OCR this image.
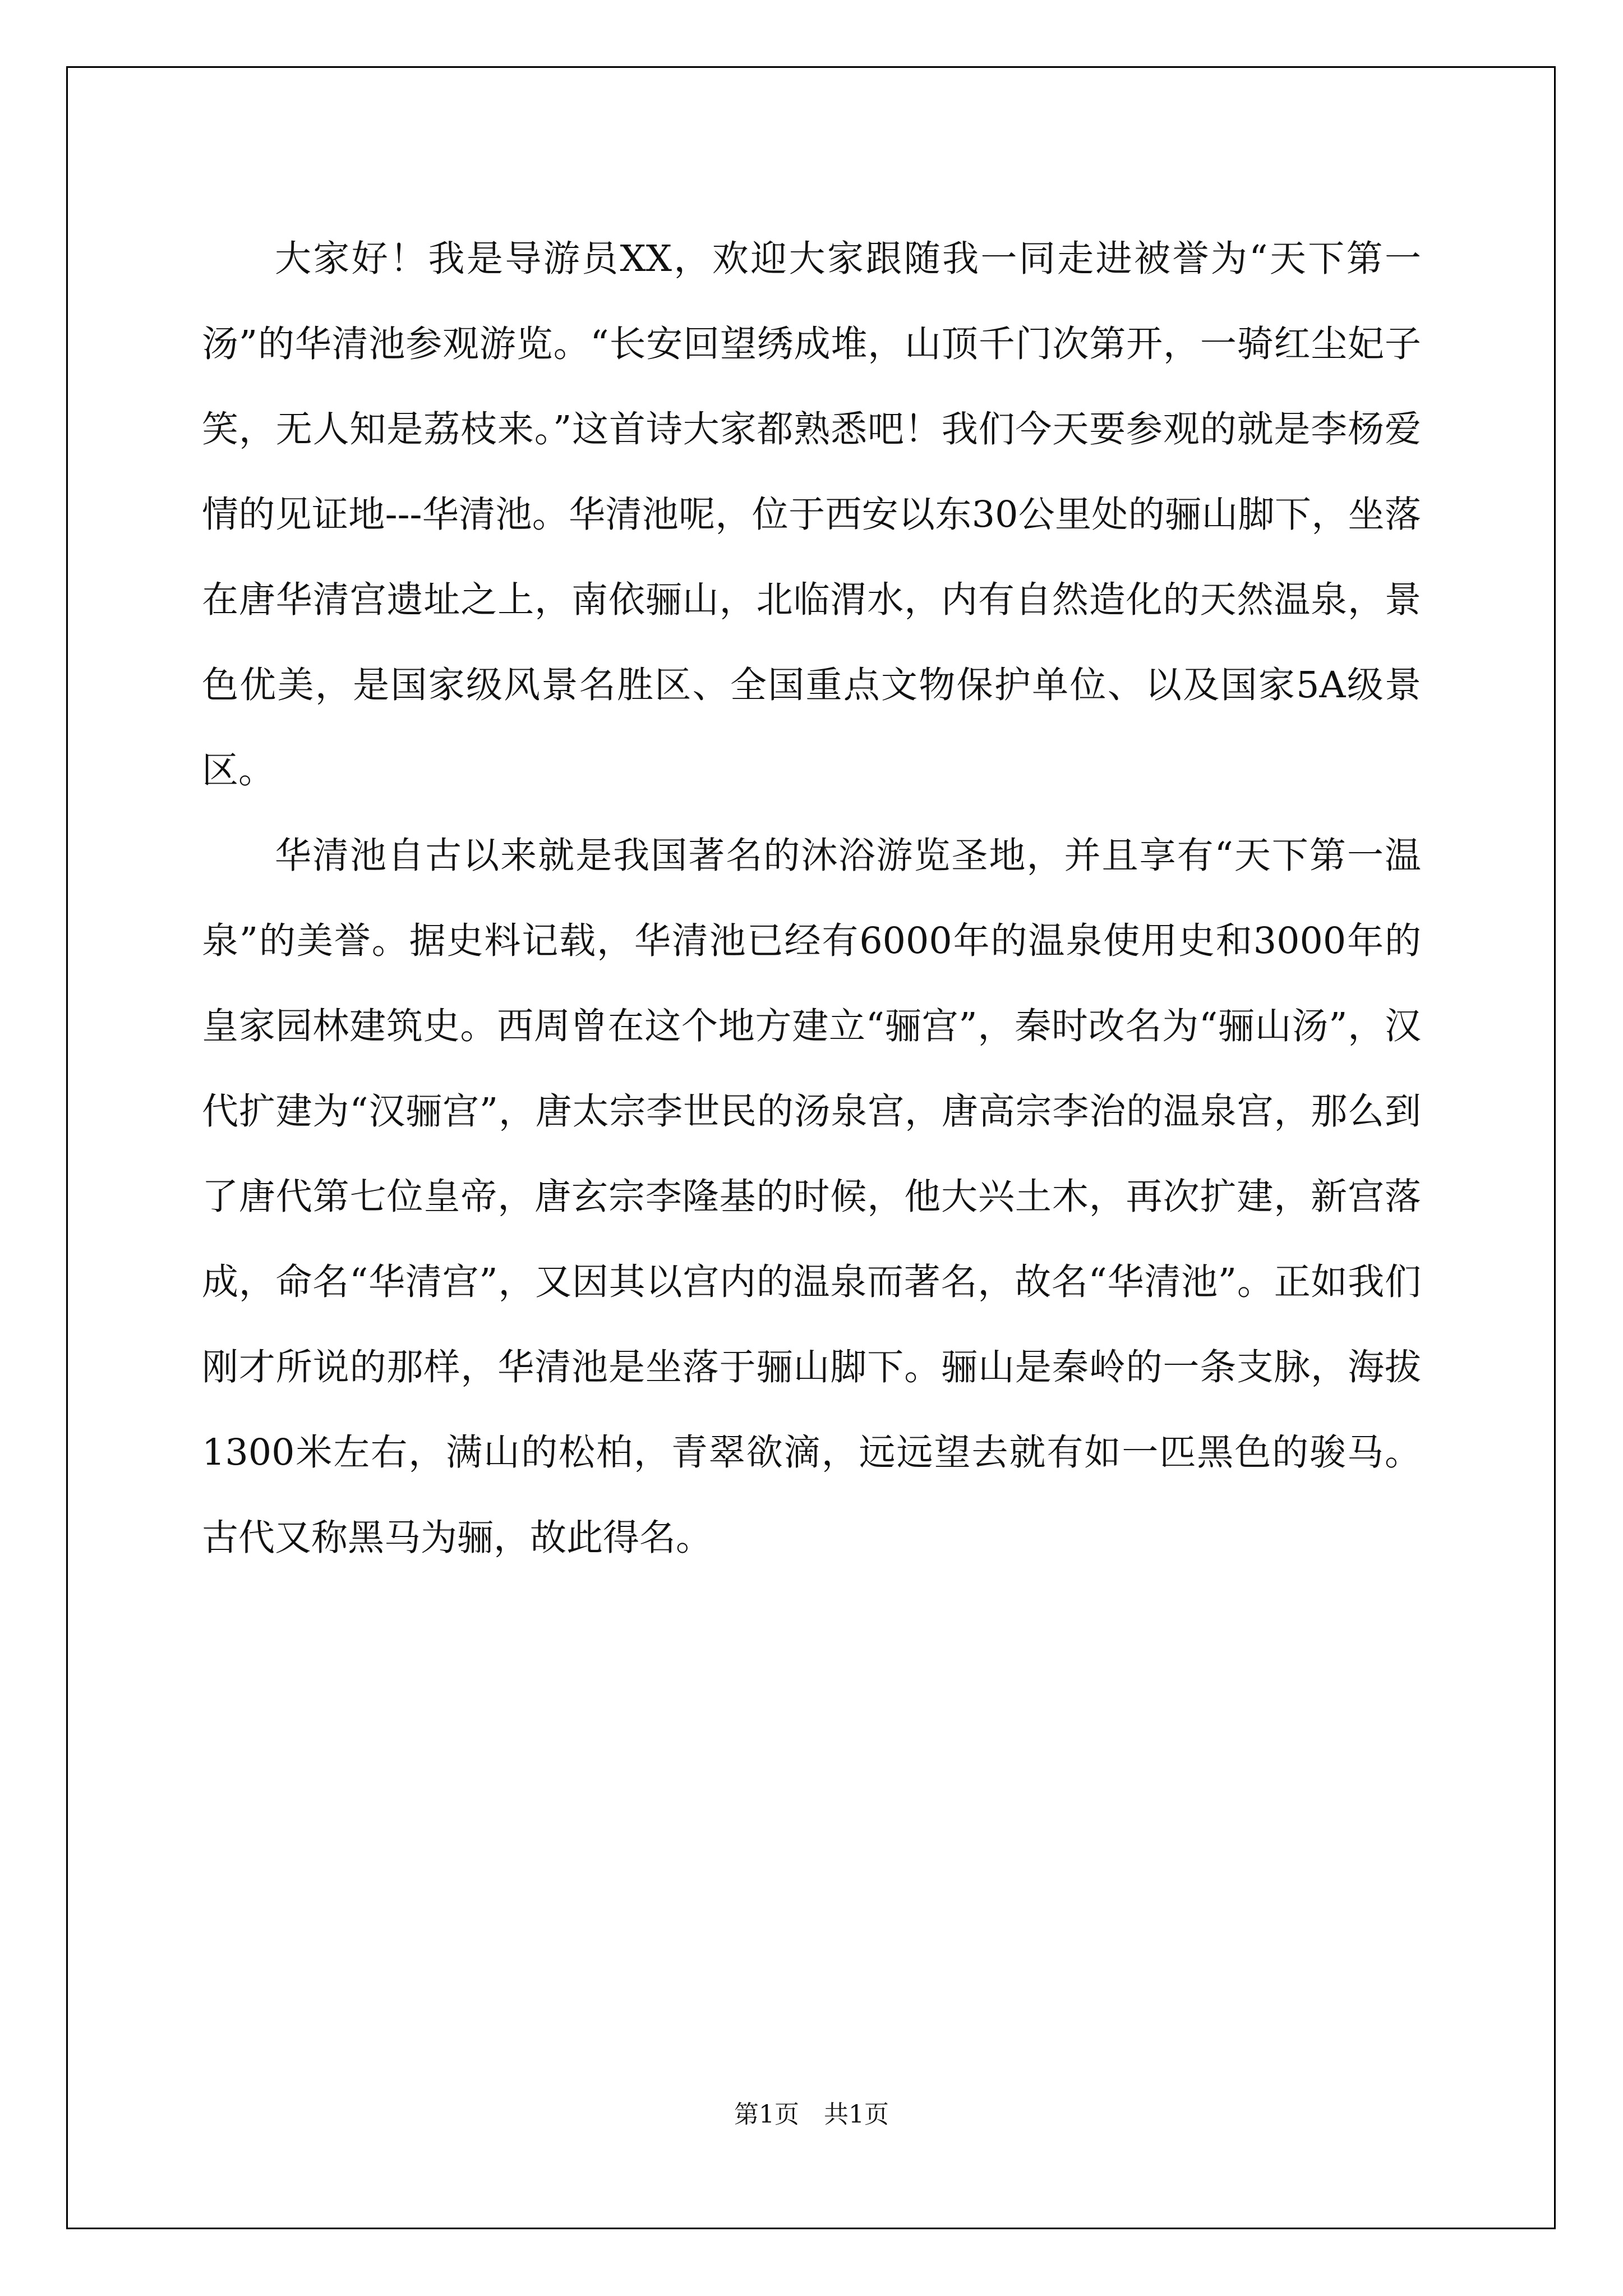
大家好！我是导游员XX，欢迎大家跟随我一同走进被誉为“天下第一汤”的华清池参观游览。“长安回望绣成堆，山顶千门次第开，一骑红尘妃子笑，无人知是荔枝来。”这首诗大家都熟悉吧！我们今天要参观的就是李杨爱情的见证地---华清池。华清池呢，位于西安以东30公里处的骊山脚下，坐落在唐华清宫遗址之上，南依骊山，北临渭水，内有自然造化的天然温泉，景色优美，是国家级风景名胜区、全国重点文物保护单位、以及国家5A级景区。

华清池自古以来就是我国著名的沐浴游览圣地，并且享有“天下第一温泉”的美誉。据史料记载，华清池已经有6000年的温泉使用史和3000年的皇家园林建筑史。西周曾在这个地方建立“骊宫”，秦时改名为“骊山汤”，汉代扩建为“汉骊宫”，唐太宗李世民的汤泉宫，唐高宗李治的温泉宫，那么到了唐代第七位皇帝，唐玄宗李隆基的时候，他大兴土木，再次扩建，新宫落成，命名“华清宫”，又因其以宫内的温泉而著名，故名“华清池”。正如我们刚才所说的那样，华清池是坐落于骊山脚下。骊山是秦岭的一条支脉，海拔1300米左右，满山的松柏，青翠欲滴，远远望去就有如一匹黑色的骏马。古代又称黑马为骊，故此得名。

第1页 共1页
